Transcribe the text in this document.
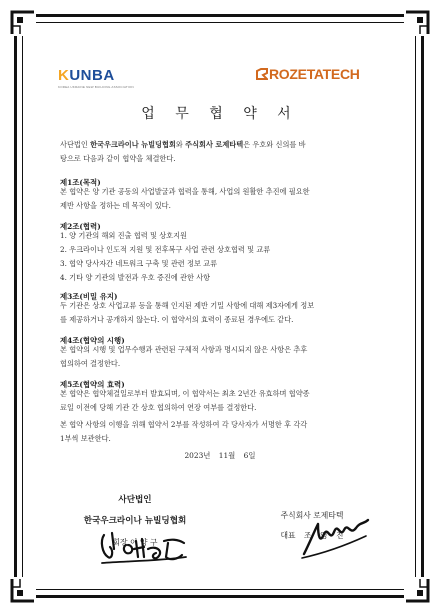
KUNBA
KOREA UKRAINE NEW BUILDING ASSOCIATION
ROZETATECH
업 무 협 약 서
사단법인 한국우크라이나 뉴빌딩협회와 주식회사 로제타텍은 우호와 신의를 바
탕으로 다음과 같이 협약을 체결한다.
제1조(목적)
본 협약은 양 기관 공동의 사업발굴과 협력을 통해, 사업의 원활한 추진에 필요한
제반 사항을 정하는 데 목적이 있다.
제2조(협력)
1. 양 기관의 해외 진출 협력 및 상호지원
2. 우크라이나 인도적 지원 및 전후복구 사업 관련 상호협력 및 교류
3. 협약 당사자간 네트워크 구축 및 관련 정보 교류
4. 기타 양 기관의 발전과 우호 증진에 관한 사항
제3조(비밀 유지)
두 기관은 상호 사업교류 등을 통해 인지된 제반 기밀 사항에 대해 제3자에게 정보
를 제공하거나 공개하지 않는다. 이 협약서의 효력이 종료된 경우에도 같다.
제4조(협약의 시행)
본 협약의 시행 및 업무수행과 관련된 구체적 사항과 명시되지 않은 사항은 추후
협의하여 결정한다.
제5조(협약의 효력)
본 협약은 협약체결일로부터 발효되며, 이 협약서는 최초 2년간 유효하며 협약종
료일 이전에 당해 기관 간 상호 협의하여 연장 여부를 결정한다.
본 협약 사항의 이행을 위해 협약서 2부를 작성하여 각 당사자가 서명한 후 각각
1부씩 보관한다.
2023년 11월 6일
사단법인
한국우크라이나 뉴빌딩협회
회장 이 양 구
주식회사 로제타텍
대표 조 영 진
